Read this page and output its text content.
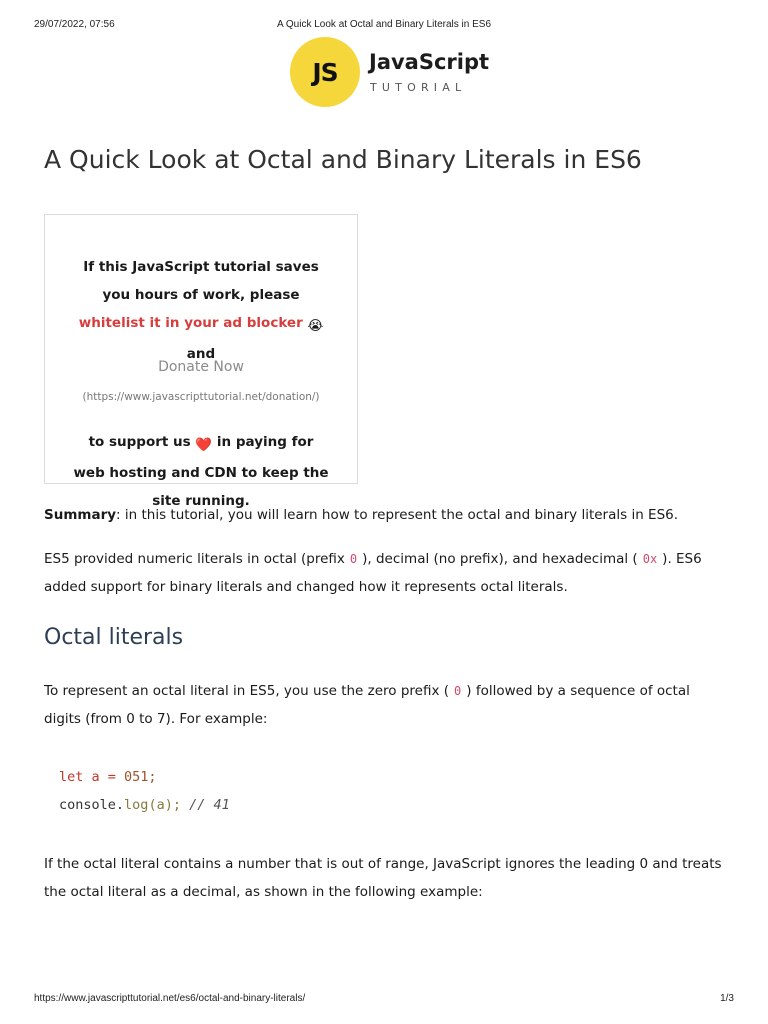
29/07/2022, 07:56	A Quick Look at Octal and Binary Literals in ES6
JS	JavaScript
TUTORIAL
A Quick Look at Octal and Binary Literals in ES6
If this JavaScript tutorial saves you hours of work, please whitelist it in your ad blocker 😭 and
Donate Now
(https://www.javascripttutorial.net/donation/)
to support us ❤️ in paying for web hosting and CDN to keep the site running.

Summary: in this tutorial, you will learn how to represent the octal and binary literals in ES6.

ES5 provided numeric literals in octal (prefix 0 ), decimal (no prefix), and hexadecimal ( 0x ). ES6 added support for binary literals and changed how it represents octal literals.

Octal literals

To represent an octal literal in ES5, you use the zero prefix ( 0 ) followed by a sequence of octal digits (from 0 to 7). For example:

let a = 051;
console.log(a); // 41

If the octal literal contains a number that is out of range, JavaScript ignores the leading 0 and treats the octal literal as a decimal, as shown in the following example:

https://www.javascripttutorial.net/es6/octal-and-binary-literals/	1/3
